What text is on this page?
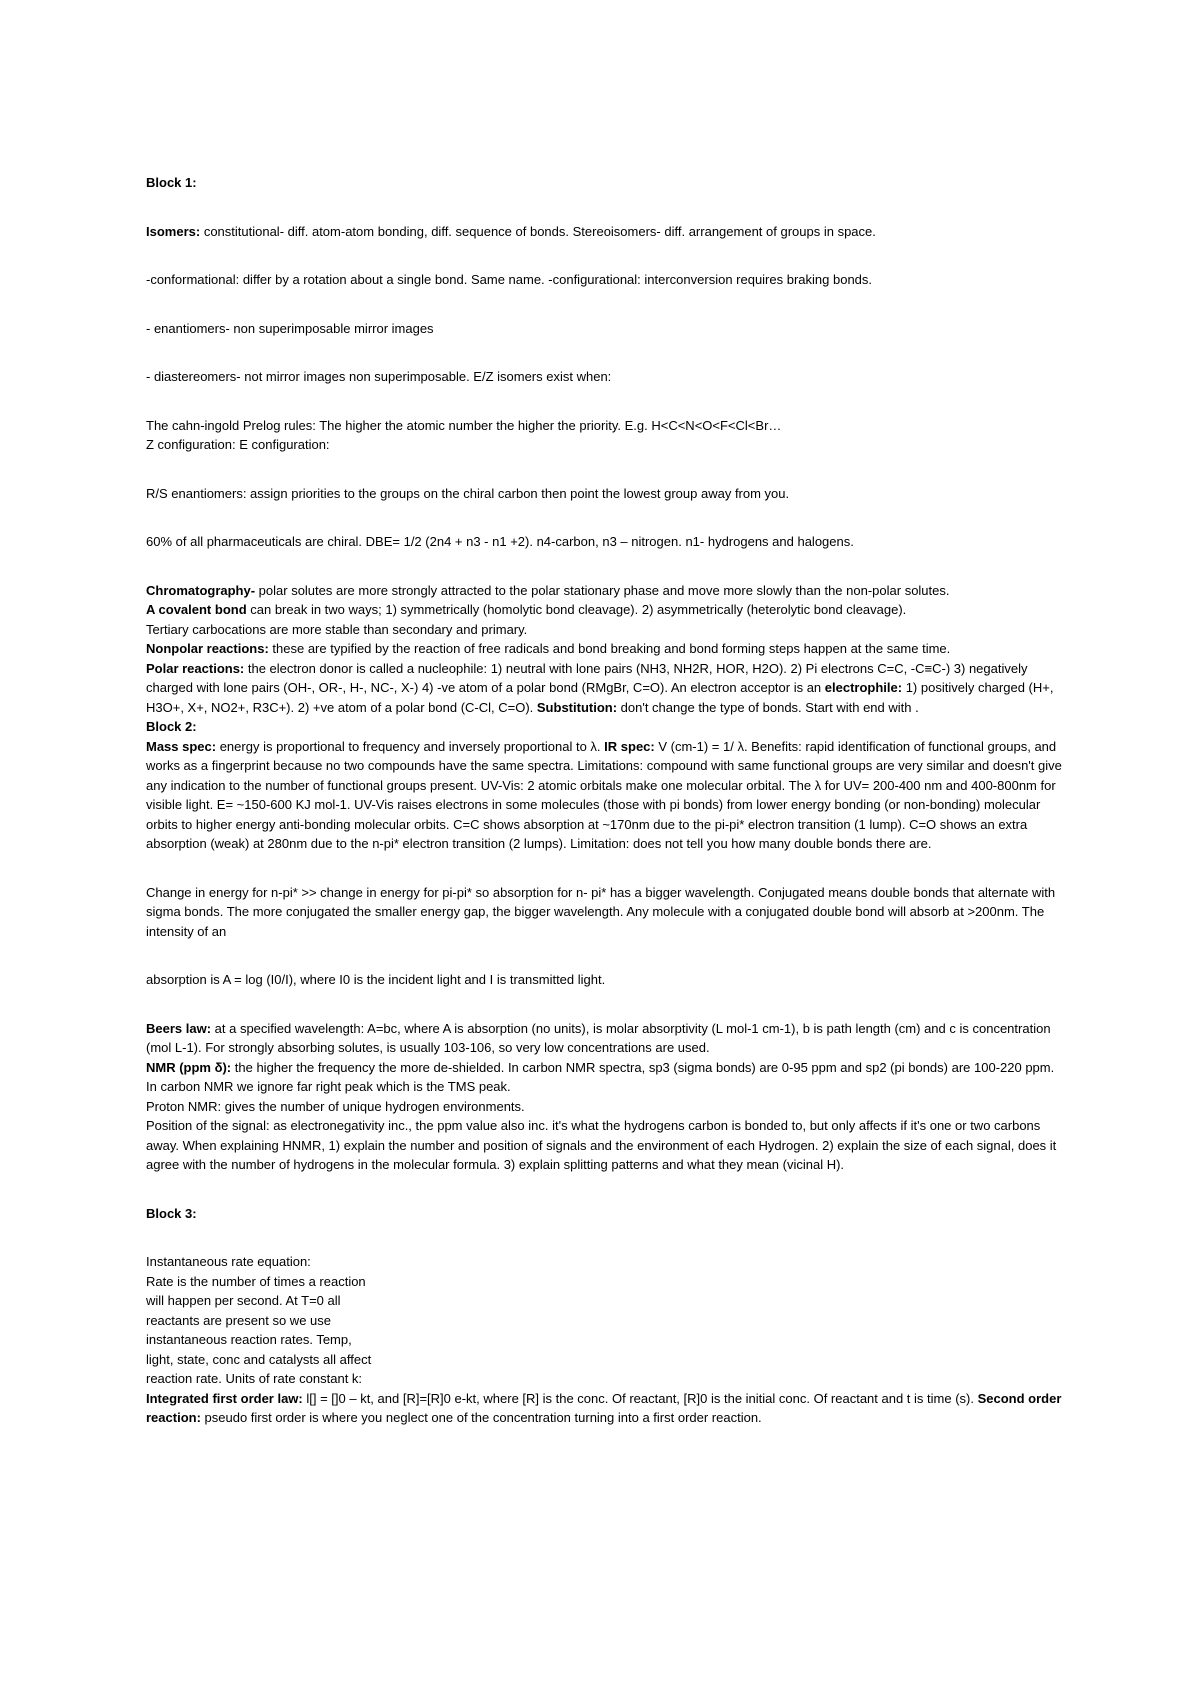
Block 1:

Isomers: constitutional- diff. atom-atom bonding, diff. sequence of bonds. Stereoisomers- diff. arrangement of groups in space.

-conformational: differ by a rotation about a single bond. Same name. -configurational: interconversion requires braking bonds.

- enantiomers- non superimposable mirror images

- diastereomers- not mirror images non superimposable. E/Z isomers exist when:

The cahn-ingold Prelog rules: The higher the atomic number the higher the priority. E.g. H<C<N<O<F<Cl<Br…

Z configuration: E configuration:

R/S enantiomers: assign priorities to the groups on the chiral carbon then point the lowest group away from you.

60% of all pharmaceuticals are chiral. DBE= 1/2 (2n4 + n3 - n1 +2). n4-carbon, n3 – nitrogen. n1- hydrogens and halogens.

Chromatography- polar solutes are more strongly attracted to the polar stationary phase and move more slowly than the non-polar solutes.

A covalent bond can break in two ways; 1) symmetrically (homolytic bond cleavage). 2) asymmetrically (heterolytic bond cleavage).

Tertiary carbocations are more stable than secondary and primary.

Nonpolar reactions: these are typified by the reaction of free radicals and bond breaking and bond forming steps happen at the same time.

Polar reactions: the electron donor is called a nucleophile: 1) neutral with lone pairs (NH3, NH2R, HOR, H2O). 2) Pi electrons C=C, -C≡C-) 3) negatively charged with lone pairs (OH-, OR-, H-, NC-, X-) 4) -ve atom of a polar bond (RMgBr, C=O). An electron acceptor is an electrophile: 1) positively charged (H+, H3O+, X+, NO2+, R3C+). 2) +ve atom of a polar bond (C-Cl, C=O). Substitution: don't change the type of bonds. Start with end with .

Block 2:

Mass spec: energy is proportional to frequency and inversely proportional to λ. IR spec: V (cm-1) = 1/ λ. Benefits: rapid identification of functional groups, and works as a fingerprint because no two compounds have the same spectra. Limitations: compound with same functional groups are very similar and doesn't give any indication to the number of functional groups present. UV-Vis: 2 atomic orbitals make one molecular orbital. The λ for UV= 200-400 nm and 400-800nm for visible light. E= ~150-600 KJ mol-1. UV-Vis raises electrons in some molecules (those with pi bonds) from lower energy bonding (or non-bonding) molecular orbits to higher energy anti-bonding molecular orbits. C=C shows absorption at ~170nm due to the pi-pi* electron transition (1 lump). C=O shows an extra absorption (weak) at 280nm due to the n-pi* electron transition (2 lumps). Limitation: does not tell you how many double bonds there are.

Change in energy for n-pi* >> change in energy for pi-pi* so absorption for n- pi* has a bigger wavelength. Conjugated means double bonds that alternate with sigma bonds. The more conjugated the smaller energy gap, the bigger wavelength. Any molecule with a conjugated double bond will absorb at >200nm. The intensity of an

absorption is A = log (I0/I), where I0 is the incident light and I is transmitted light.

Beers law: at a specified wavelength: A=bc, where A is absorption (no units), is molar absorptivity (L mol-1 cm-1), b is path length (cm) and c is concentration (mol L-1). For strongly absorbing solutes, is usually 103-106, so very low concentrations are used.

NMR (ppm δ): the higher the frequency the more de-shielded. In carbon NMR spectra, sp3 (sigma bonds) are 0-95 ppm and sp2 (pi bonds) are 100-220 ppm. In carbon NMR we ignore far right peak which is the TMS peak.

Proton NMR: gives the number of unique hydrogen environments.

Position of the signal: as electronegativity inc., the ppm value also inc. it's what the hydrogens carbon is bonded to, but only affects if it's one or two carbons away. When explaining HNMR, 1) explain the number and position of signals and the environment of each Hydrogen. 2) explain the size of each signal, does it agree with the number of hydrogens in the molecular formula. 3) explain splitting patterns and what they mean (vicinal H).

Block 3:

Instantaneous rate equation:

Rate is the number of times a reaction

will happen per second. At T=0 all

reactants are present so we use

instantaneous reaction rates. Temp,

light, state, conc and catalysts all affect

reaction rate. Units of rate constant k:

Integrated first order law: l[] = []0 – kt, and [R]=[R]0 e-kt, where [R] is the conc. Of reactant, [R]0 is the initial conc. Of reactant and t is time (s). Second order reaction: pseudo first order is where you neglect one of the concentration turning into a first order reaction.
